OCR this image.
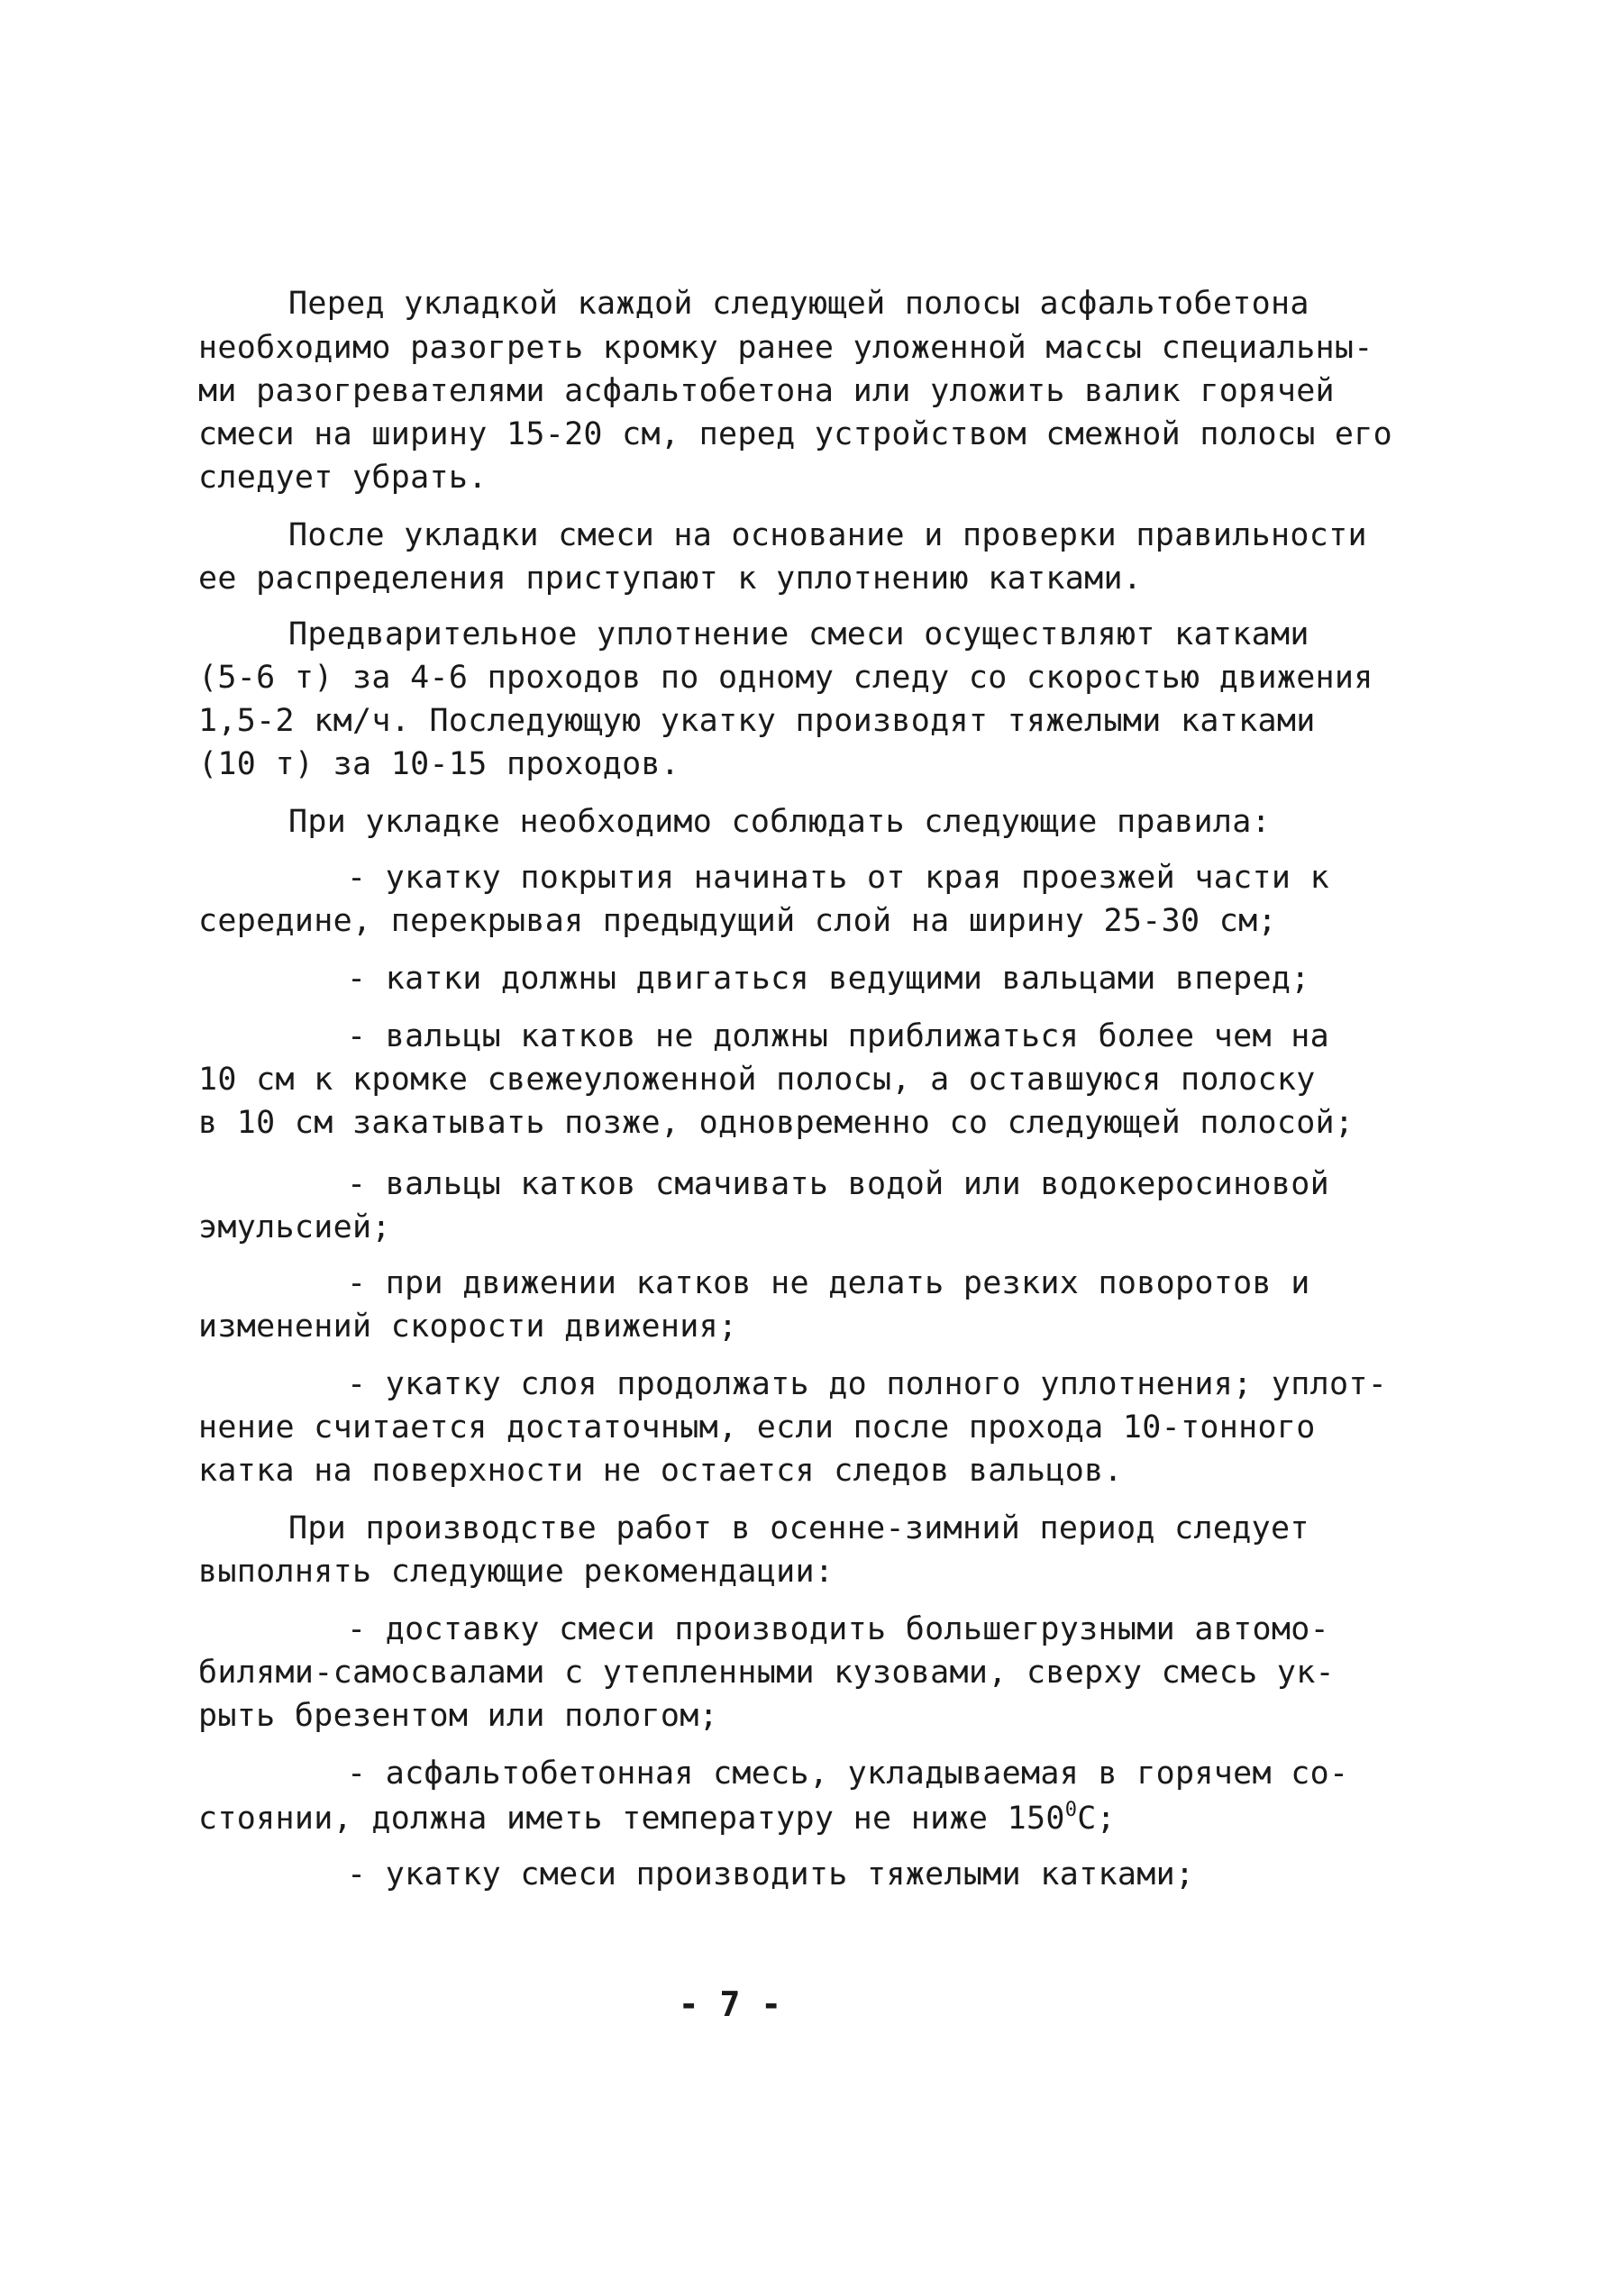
Перед укладкой каждой следующей полосы асфальтобетона
необходимо разогреть кромку ранее уложенной массы специальны-
ми разогревателями асфальтобетона или уложить валик горячей
смеси на ширину 15-20 см, перед устройством смежной полосы его
следует убрать.
После укладки смеси на основание и проверки правильности
ее распределения приступают к уплотнению катками.
Предварительное уплотнение смеси осуществляют катками
(5-6 т) за 4-6 проходов по одному следу со скоростью движения
1,5-2 км/ч. Последующую укатку производят тяжелыми катками
(10 т) за 10-15 проходов.
При укладке необходимо соблюдать следующие правила:
- укатку покрытия начинать от края проезжей части к
середине, перекрывая предыдущий слой на ширину 25-30 см;
- катки должны двигаться ведущими вальцами вперед;
- вальцы катков не должны приближаться более чем на
10 см к кромке свежеуложенной полосы, а оставшуюся полоску
в 10 см закатывать позже, одновременно со следующей полосой;
- вальцы катков смачивать водой или водокеросиновой
эмульсией;
- при движении катков не делать резких поворотов и
изменений скорости движения;
- укатку слоя продолжать до полного уплотнения; уплот-
нение считается достаточным, если после прохода 10-тонного
катка на поверхности не остается следов вальцов.
При производстве работ в осенне-зимний период следует
выполнять следующие рекомендации:
- доставку смеси производить большегрузными автомо-
билями-самосвалами с утепленными кузовами, сверху смесь ук-
рыть брезентом или пологом;
- асфальтобетонная смесь, укладываемая в горячем со-
стоянии, должна иметь температуру не ниже $150^0С$;
- укатку смеси производить тяжелыми катками;
- 7 -
